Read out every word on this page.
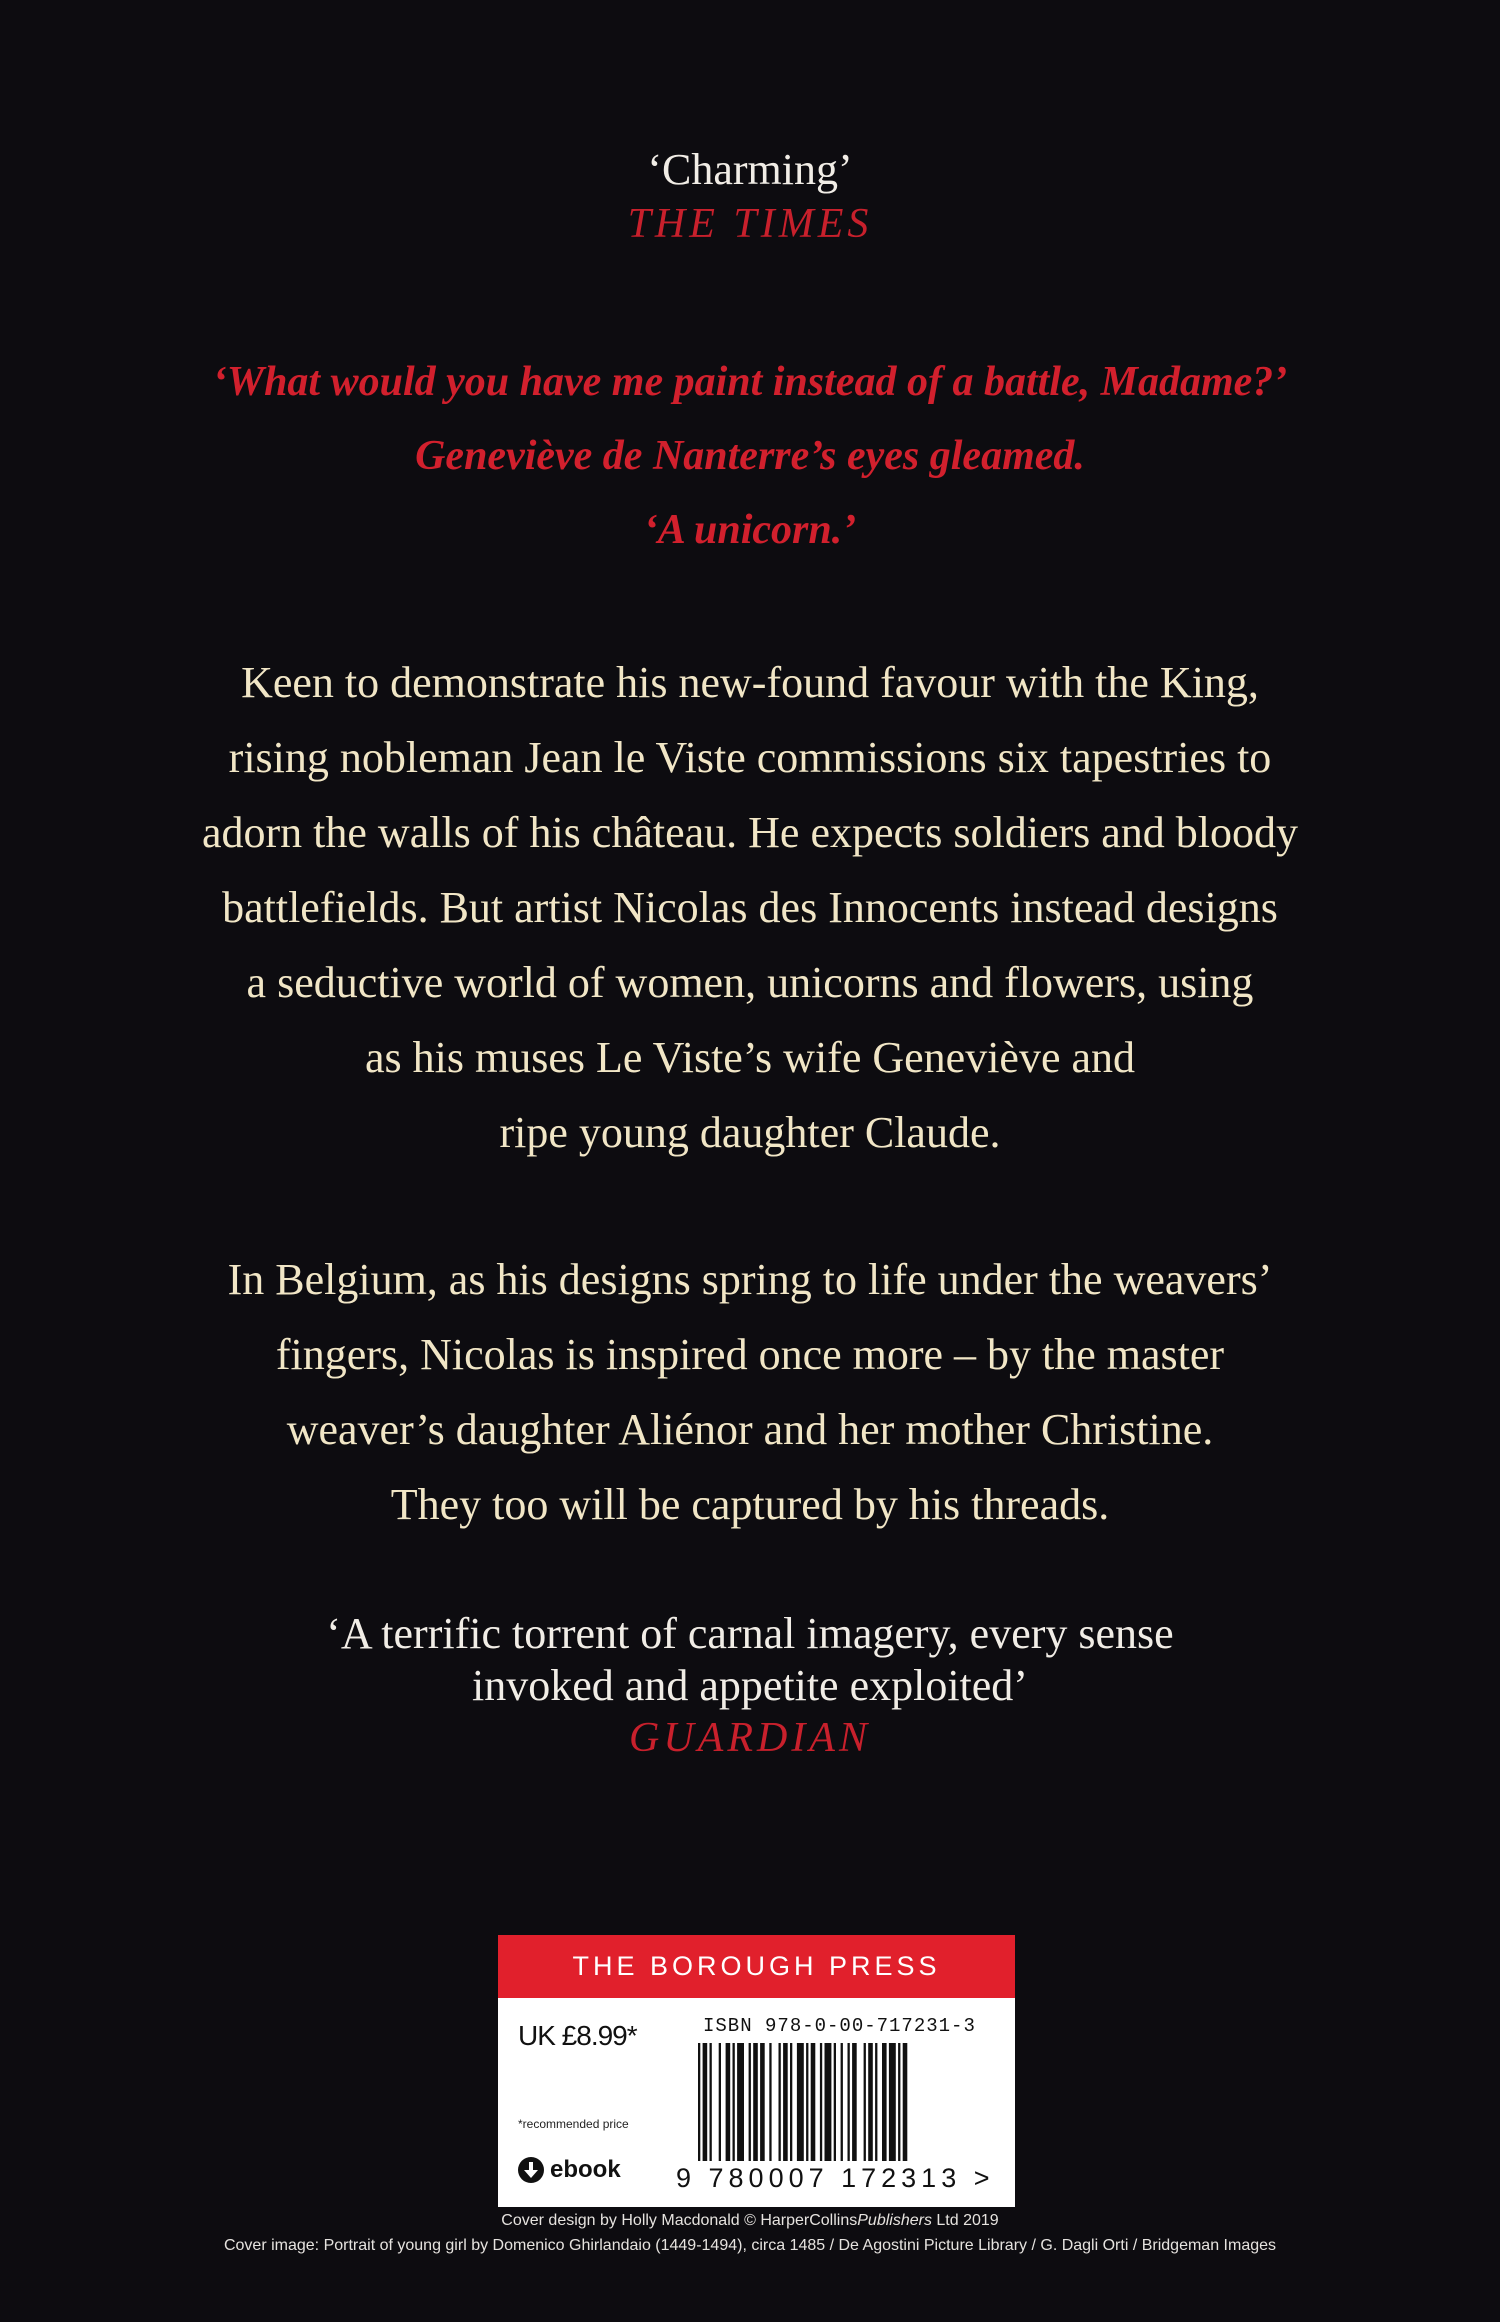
‘Charming’
THE TIMES
‘What would you have me paint instead of a battle, Madame?’
Geneviève de Nanterre’s eyes gleamed.
‘A unicorn.’
Keen to demonstrate his new-found favour with the King,
rising nobleman Jean le Viste commissions six tapestries to
adorn the walls of his château. He expects soldiers and bloody
battlefields. But artist Nicolas des Innocents instead designs
a seductive world of women, unicorns and flowers, using
as his muses Le Viste’s wife Geneviève and
ripe young daughter Claude.
In Belgium, as his designs spring to life under the weavers’
fingers, Nicolas is inspired once more – by the master
weaver’s daughter Aliénor and her mother Christine.
They too will be captured by his threads.
‘A terrific torrent of carnal imagery, every sense
invoked and appetite exploited’
GUARDIAN
THE BOROUGH PRESS
UK £8.99*
*recommended price
ebook
ISBN 978-0-00-717231-3
9 780007 172313 >
Cover design by Holly Macdonald © HarperCollinsPublishers Ltd 2019
Cover image: Portrait of young girl by Domenico Ghirlandaio (1449-1494), circa 1485 / De Agostini Picture Library / G. Dagli Orti / Bridgeman Images
